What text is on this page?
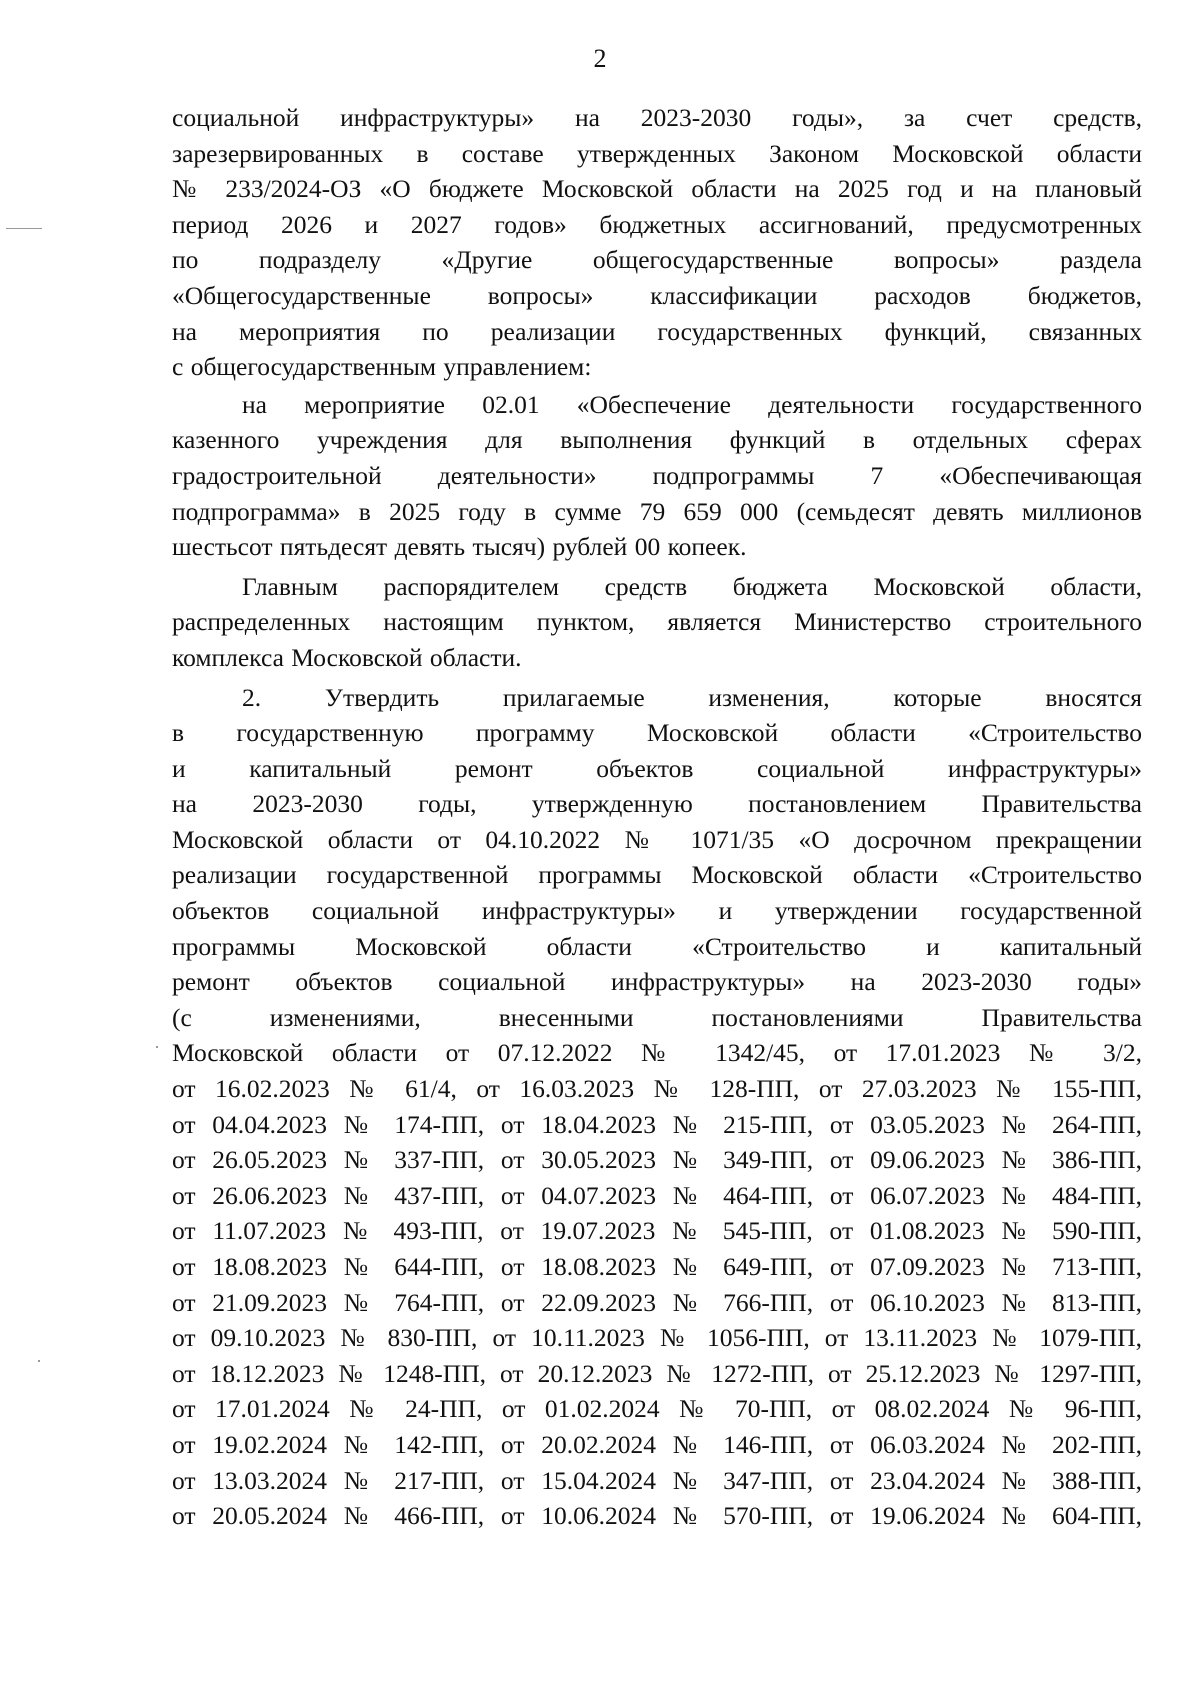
2

социальной инфраструктуры» на 2023-2030 годы», за счет средств,
зарезервированных в составе утвержденных Законом Московской области
№ 233/2024-ОЗ «О бюджете Московской области на 2025 год и на плановый
период 2026 и 2027 годов» бюджетных ассигнований, предусмотренных
по подразделу «Другие общегосударственные вопросы» раздела
«Общегосударственные вопросы» классификации расходов бюджетов,
на мероприятия по реализации государственных функций, связанных
с общегосударственным управлением:

на мероприятие 02.01 «Обеспечение деятельности государственного
казенного учреждения для выполнения функций в отдельных сферах
градостроительной деятельности» подпрограммы 7 «Обеспечивающая
подпрограмма» в 2025 году в сумме 79 659 000 (семьдесят девять миллионов
шестьсот пятьдесят девять тысяч) рублей 00 копеек.

Главным распорядителем средств бюджета Московской области,
распределенных настоящим пунктом, является Министерство строительного
комплекса Московской области.

2. Утвердить прилагаемые изменения, которые вносятся
в государственную программу Московской области «Строительство
и капитальный ремонт объектов социальной инфраструктуры»
на 2023-2030 годы, утвержденную постановлением Правительства
Московской области от 04.10.2022 № 1071/35 «О досрочном прекращении
реализации государственной программы Московской области «Строительство
объектов социальной инфраструктуры» и утверждении государственной
программы Московской области «Строительство и капитальный
ремонт объектов социальной инфраструктуры» на 2023-2030 годы»
(с изменениями, внесенными постановлениями Правительства
Московской области от 07.12.2022 № 1342/45, от 17.01.2023 № 3/2,
от 16.02.2023 № 61/4, от 16.03.2023 № 128-ПП, от 27.03.2023 № 155-ПП,
от 04.04.2023 № 174-ПП, от 18.04.2023 № 215-ПП, от 03.05.2023 № 264-ПП,
от 26.05.2023 № 337-ПП, от 30.05.2023 № 349-ПП, от 09.06.2023 № 386-ПП,
от 26.06.2023 № 437-ПП, от 04.07.2023 № 464-ПП, от 06.07.2023 № 484-ПП,
от 11.07.2023 № 493-ПП, от 19.07.2023 № 545-ПП, от 01.08.2023 № 590-ПП,
от 18.08.2023 № 644-ПП, от 18.08.2023 № 649-ПП, от 07.09.2023 № 713-ПП,
от 21.09.2023 № 764-ПП, от 22.09.2023 № 766-ПП, от 06.10.2023 № 813-ПП,
от 09.10.2023 № 830-ПП, от 10.11.2023 № 1056-ПП, от 13.11.2023 № 1079-ПП,
от 18.12.2023 № 1248-ПП, от 20.12.2023 № 1272-ПП, от 25.12.2023 № 1297-ПП,
от 17.01.2024 № 24-ПП, от 01.02.2024 № 70-ПП, от 08.02.2024 № 96-ПП,
от 19.02.2024 № 142-ПП, от 20.02.2024 № 146-ПП, от 06.03.2024 № 202-ПП,
от 13.03.2024 № 217-ПП, от 15.04.2024 № 347-ПП, от 23.04.2024 № 388-ПП,
от 20.05.2024 № 466-ПП, от 10.06.2024 № 570-ПП, от 19.06.2024 № 604-ПП,
